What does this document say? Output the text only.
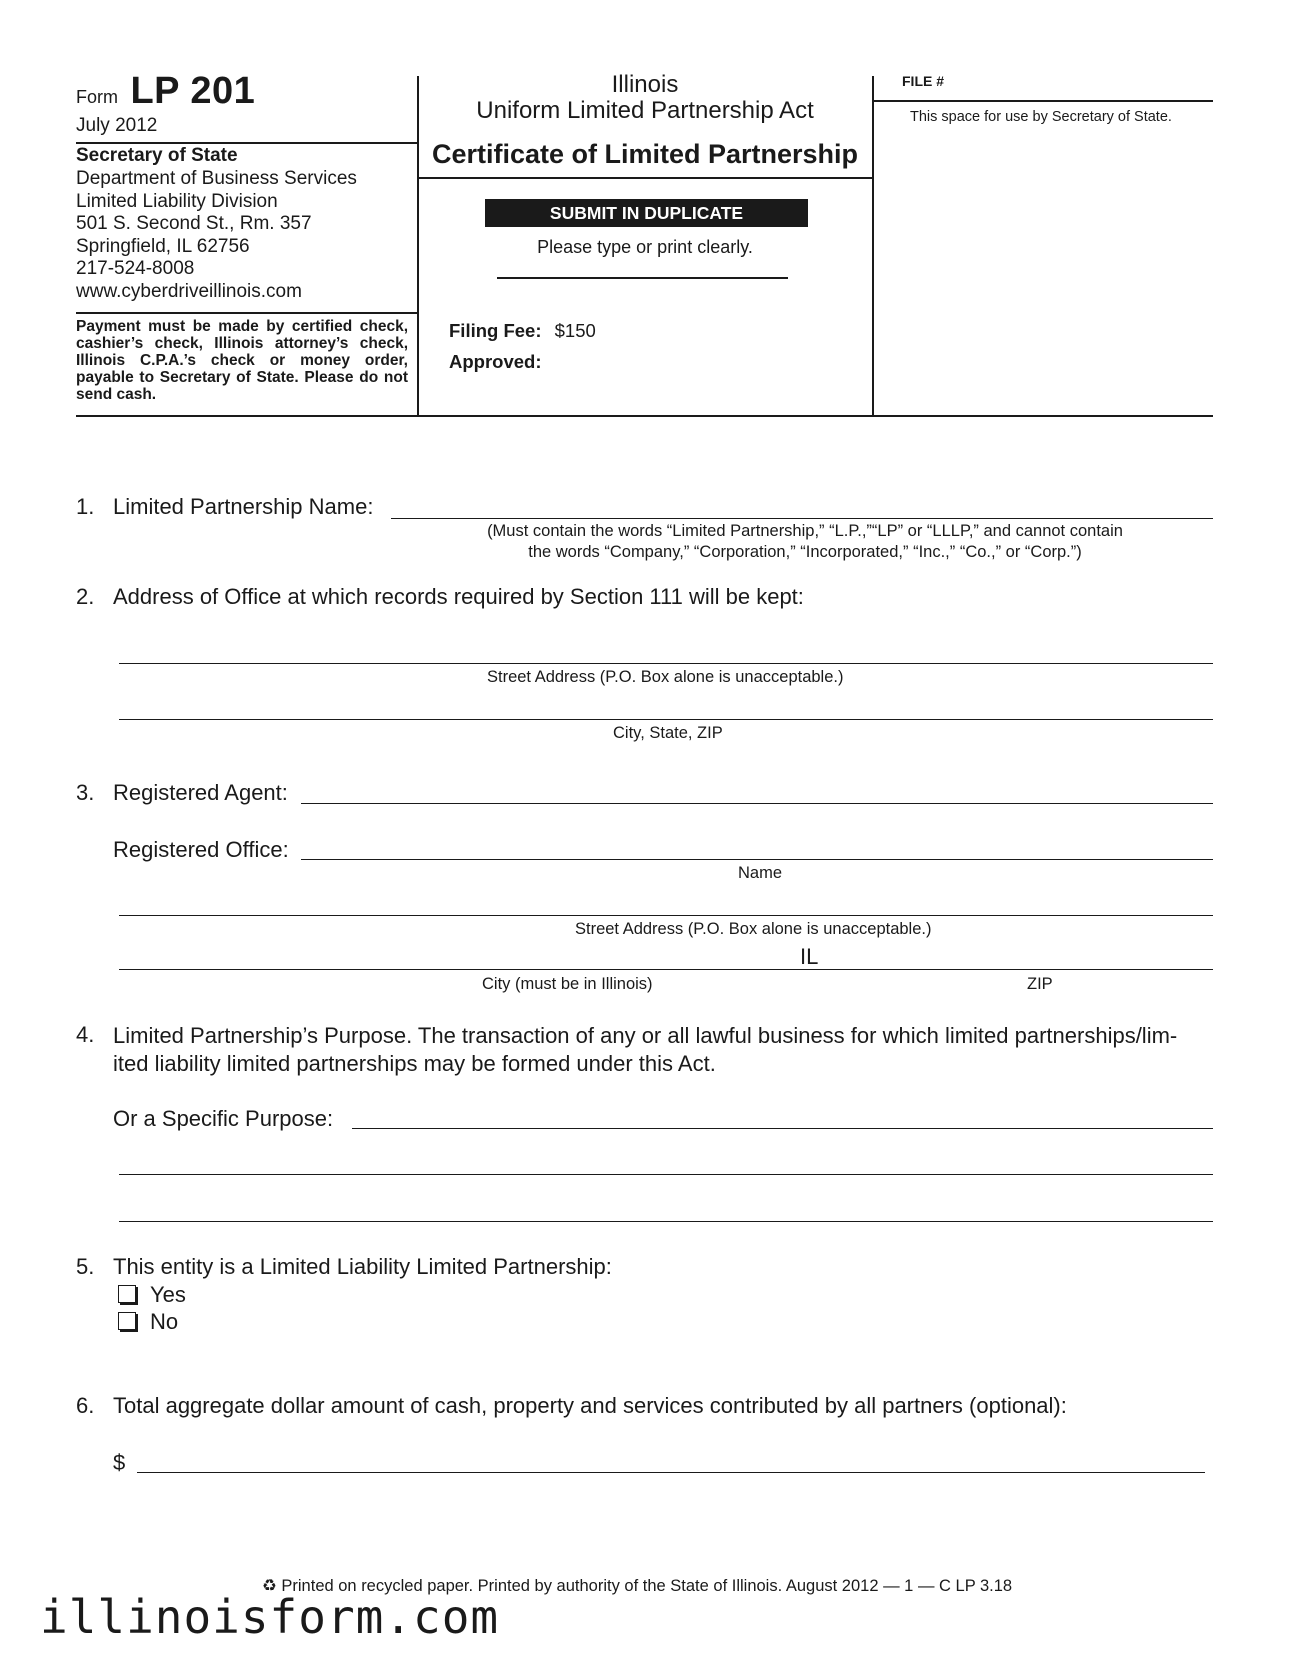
Form LP 201
July 2012
Secretary of State
Department of Business Services
Limited Liability Division
501 S. Second St., Rm. 357
Springfield, IL 62756
217-524-8008
www.cyberdriveillinois.com
Payment must be made by certified check, cashier’s check, Illinois attorney’s check, Illinois C.P.A.’s check or money order, payable to Secretary of State. Please do not send cash.
Illinois
Uniform Limited Partnership Act
Certificate of Limited Partnership
SUBMIT IN DUPLICATE
Please type or print clearly.
Filing Fee: $150
Approved:
FILE #
This space for use by Secretary of State.
1. Limited Partnership Name:
(Must contain the words “Limited Partnership,” “L.P.,”“LP” or “LLLP,” and cannot contain
the words “Company,” “Corporation,” “Incorporated,” “Inc.,” “Co.,” or “Corp.”)
2. Address of Office at which records required by Section 111 will be kept:
Street Address (P.O. Box alone is unacceptable.)
City, State, ZIP
3. Registered Agent:
Registered Office:
Name
Street Address (P.O. Box alone is unacceptable.)
IL
City (must be in Illinois)	ZIP
4. Limited Partnership’s Purpose. The transaction of any or all lawful business for which limited partnerships/lim-
ited liability limited partnerships may be formed under this Act.
Or a Specific Purpose:
5. This entity is a Limited Liability Limited Partnership:
Yes
No
6. Total aggregate dollar amount of cash, property and services contributed by all partners (optional):
$
♻ Printed on recycled paper. Printed by authority of the State of Illinois. August 2012 — 1 — C LP 3.18
illinoisform.com
